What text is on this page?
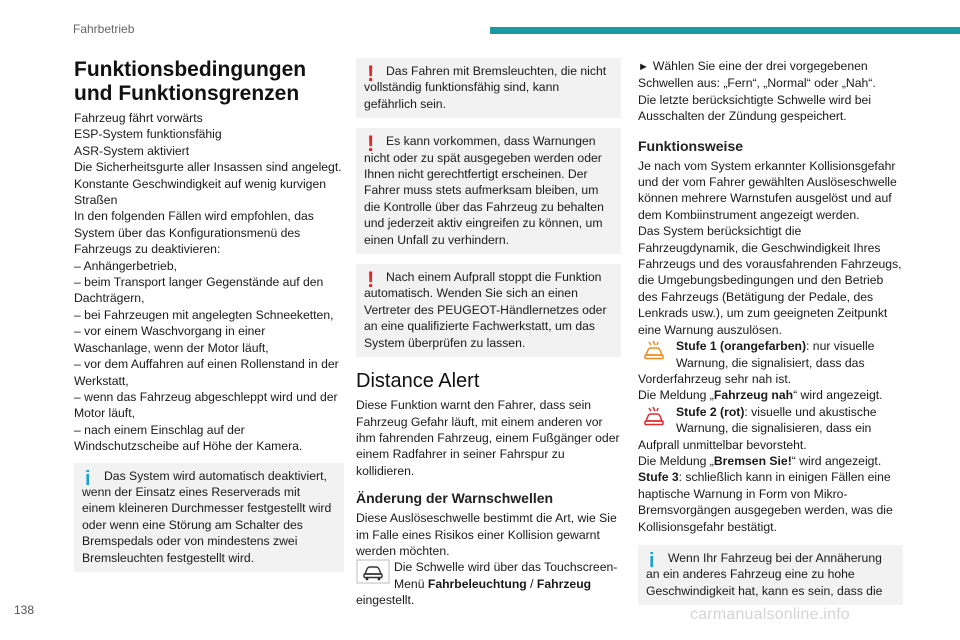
Fahrbetrieb
Funktionsbedingungen und Funktionsgrenzen

Fahrzeug fährt vorwärts

ESP-System funktionsfähig

ASR-System aktiviert

Die Sicherheitsgurte aller Insassen sind angelegt.

Konstante Geschwindigkeit auf wenig kurvigen Straßen

In den folgenden Fällen wird empfohlen, das System über das Konfigurationsmenü des Fahrzeugs zu deaktivieren:

– Anhängerbetrieb,

– beim Transport langer Gegenstände auf den Dachträgern,

– bei Fahrzeugen mit angelegten Schneeketten,

– vor einem Waschvorgang in einer Waschanlage, wenn der Motor läuft,

– vor dem Auffahren auf einen Rollenstand in der Werkstatt,

– wenn das Fahrzeug abgeschleppt wird und der Motor läuft,

– nach einem Einschlag auf der Windschutzscheibe auf Höhe der Kamera.

i	Das System wird automatisch deaktiviert, wenn der Einsatz eines Reserverads mit einem kleineren Durchmesser festgestellt wird oder wenn eine Störung am Schalter des Bremspedals oder von mindestens zwei Bremsleuchten festgestellt wird.

! Das Fahren mit Bremsleuchten, die nicht vollständig funktionsfähig sind, kann gefährlich sein.

! Es kann vorkommen, dass Warnungen nicht oder zu spät ausgegeben werden oder Ihnen nicht gerechtfertigt erscheinen. Der Fahrer muss stets aufmerksam bleiben, um die Kontrolle über das Fahrzeug zu behalten und jederzeit aktiv eingreifen zu können, um einen Unfall zu verhindern.

! Nach einem Aufprall stoppt die Funktion automatisch. Wenden Sie sich an einen Vertreter des PEUGEOT-Händlernetzes oder an eine qualifizierte Fachwerkstatt, um das System überprüfen zu lassen.

Distance Alert

Diese Funktion warnt den Fahrer, dass sein Fahrzeug Gefahr läuft, mit einem anderen vor ihm fahrenden Fahrzeug, einem Fußgänger oder einem Radfahrer in seiner Fahrspur zu kollidieren.

Änderung der Warnschwellen

Diese Auslöseschwelle bestimmt die Art, wie Sie im Falle eines Risikos einer Kollision gewarnt werden möchten.

Die Schwelle wird über das Touchscreen-Menü Fahrbeleuchtung / Fahrzeug eingestellt.

► Wählen Sie eine der drei vorgegebenen Schwellen aus: „Fern“, „Normal“ oder „Nah“.

Die letzte berücksichtigte Schwelle wird bei Ausschalten der Zündung gespeichert.

Funktionsweise

Je nach vom System erkannter Kollisionsgefahr und der vom Fahrer gewählten Auslöseschwelle können mehrere Warnstufen ausgelöst und auf dem Kombiinstrument angezeigt werden.

Das System berücksichtigt die Fahrzeugdynamik, die Geschwindigkeit Ihres Fahrzeugs und des vorausfahrenden Fahrzeugs, die Umgebungsbedingungen und den Betrieb des Fahrzeugs (Betätigung der Pedale, des Lenkrads usw.), um zum geeigneten Zeitpunkt eine Warnung auszulösen.

Stufe 1 (orangefarben): nur visuelle Warnung, die signalisiert, dass das Vorderfahrzeug sehr nah ist.

Die Meldung „Fahrzeug nah“ wird angezeigt.

Stufe 2 (rot): visuelle und akustische Warnung, die signalisieren, dass ein Aufprall unmittelbar bevorsteht.

Die Meldung „Bremsen Sie!“ wird angezeigt.

Stufe 3: schließlich kann in einigen Fällen eine haptische Warnung in Form von Mikro-Bremsvorgängen ausgegeben werden, was die Kollisionsgefahr bestätigt.

i	Wenn Ihr Fahrzeug bei der Annäherung an ein anderes Fahrzeug eine zu hohe Geschwindigkeit hat, kann es sein, dass die

138	carmanualsonline.info
